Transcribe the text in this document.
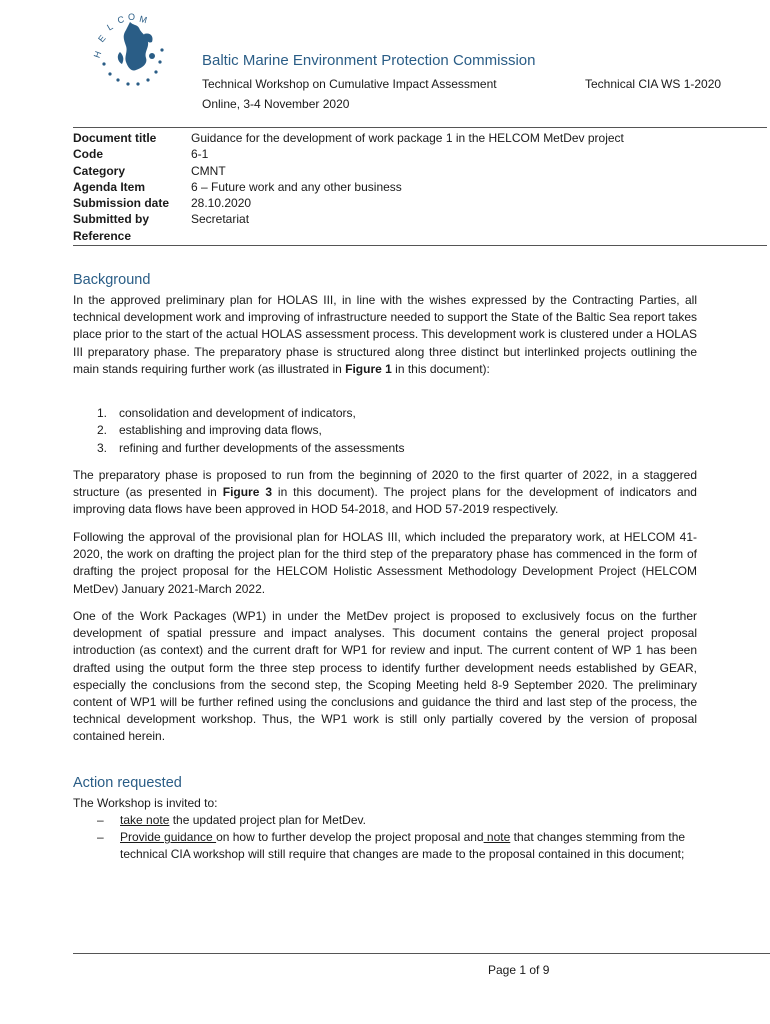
H
E
L
C O M
Baltic Marine Environment Protection Commission
Technical Workshop on Cumulative Impact Assessment	Technical CIA WS 1-2020
Online, 3-4 November 2020
Document title	Guidance for the development of work package 1 in the HELCOM MetDev project
Code	6-1
Category	CMNT
Agenda Item	6 – Future work and any other business
Submission date	28.10.2020
Submitted by	Secretariat
Reference
Background
In the approved preliminary plan for HOLAS III, in line with the wishes expressed by the Contracting Parties, all technical development work and improving of infrastructure needed to support the State of the Baltic Sea report takes place prior to the start of the actual HOLAS assessment process. This development work is clustered under a HOLAS III preparatory phase. The preparatory phase is structured along three distinct but interlinked projects outlining the main stands requiring further work (as illustrated in Figure 1 in this document):
1. consolidation and development of indicators,
2. establishing and improving data flows,
3. refining and further developments of the assessments
The preparatory phase is proposed to run from the beginning of 2020 to the first quarter of 2022, in a staggered structure (as presented in Figure 3 in this document). The project plans for the development of indicators and improving data flows have been approved in HOD 54-2018, and HOD 57-2019 respectively.
Following the approval of the provisional plan for HOLAS III, which included the preparatory work, at HELCOM 41-2020, the work on drafting the project plan for the third step of the preparatory phase has commenced in the form of drafting the project proposal for the HELCOM Holistic Assessment Methodology Development Project (HELCOM MetDev) January 2021-March 2022.
One of the Work Packages (WP1) in under the MetDev project is proposed to exclusively focus on the further development of spatial pressure and impact analyses. This document contains the general project proposal introduction (as context) and the current draft for WP1 for review and input. The current content of WP 1 has been drafted using the output form the three step process to identify further development needs established by GEAR, especially the conclusions from the second step, the Scoping Meeting held 8-9 September 2020. The preliminary content of WP1 will be further refined using the conclusions and guidance the third and last step of the process, the technical development workshop. Thus, the WP1 work is still only partially covered by the version of proposal contained herein.
Action requested
The Workshop is invited to:
–	take note the updated project plan for MetDev.
–	Provide guidance on how to further develop the project proposal and note that changes stemming from the technical CIA workshop will still require that changes are made to the proposal contained in this document;
Page 1 of 9
